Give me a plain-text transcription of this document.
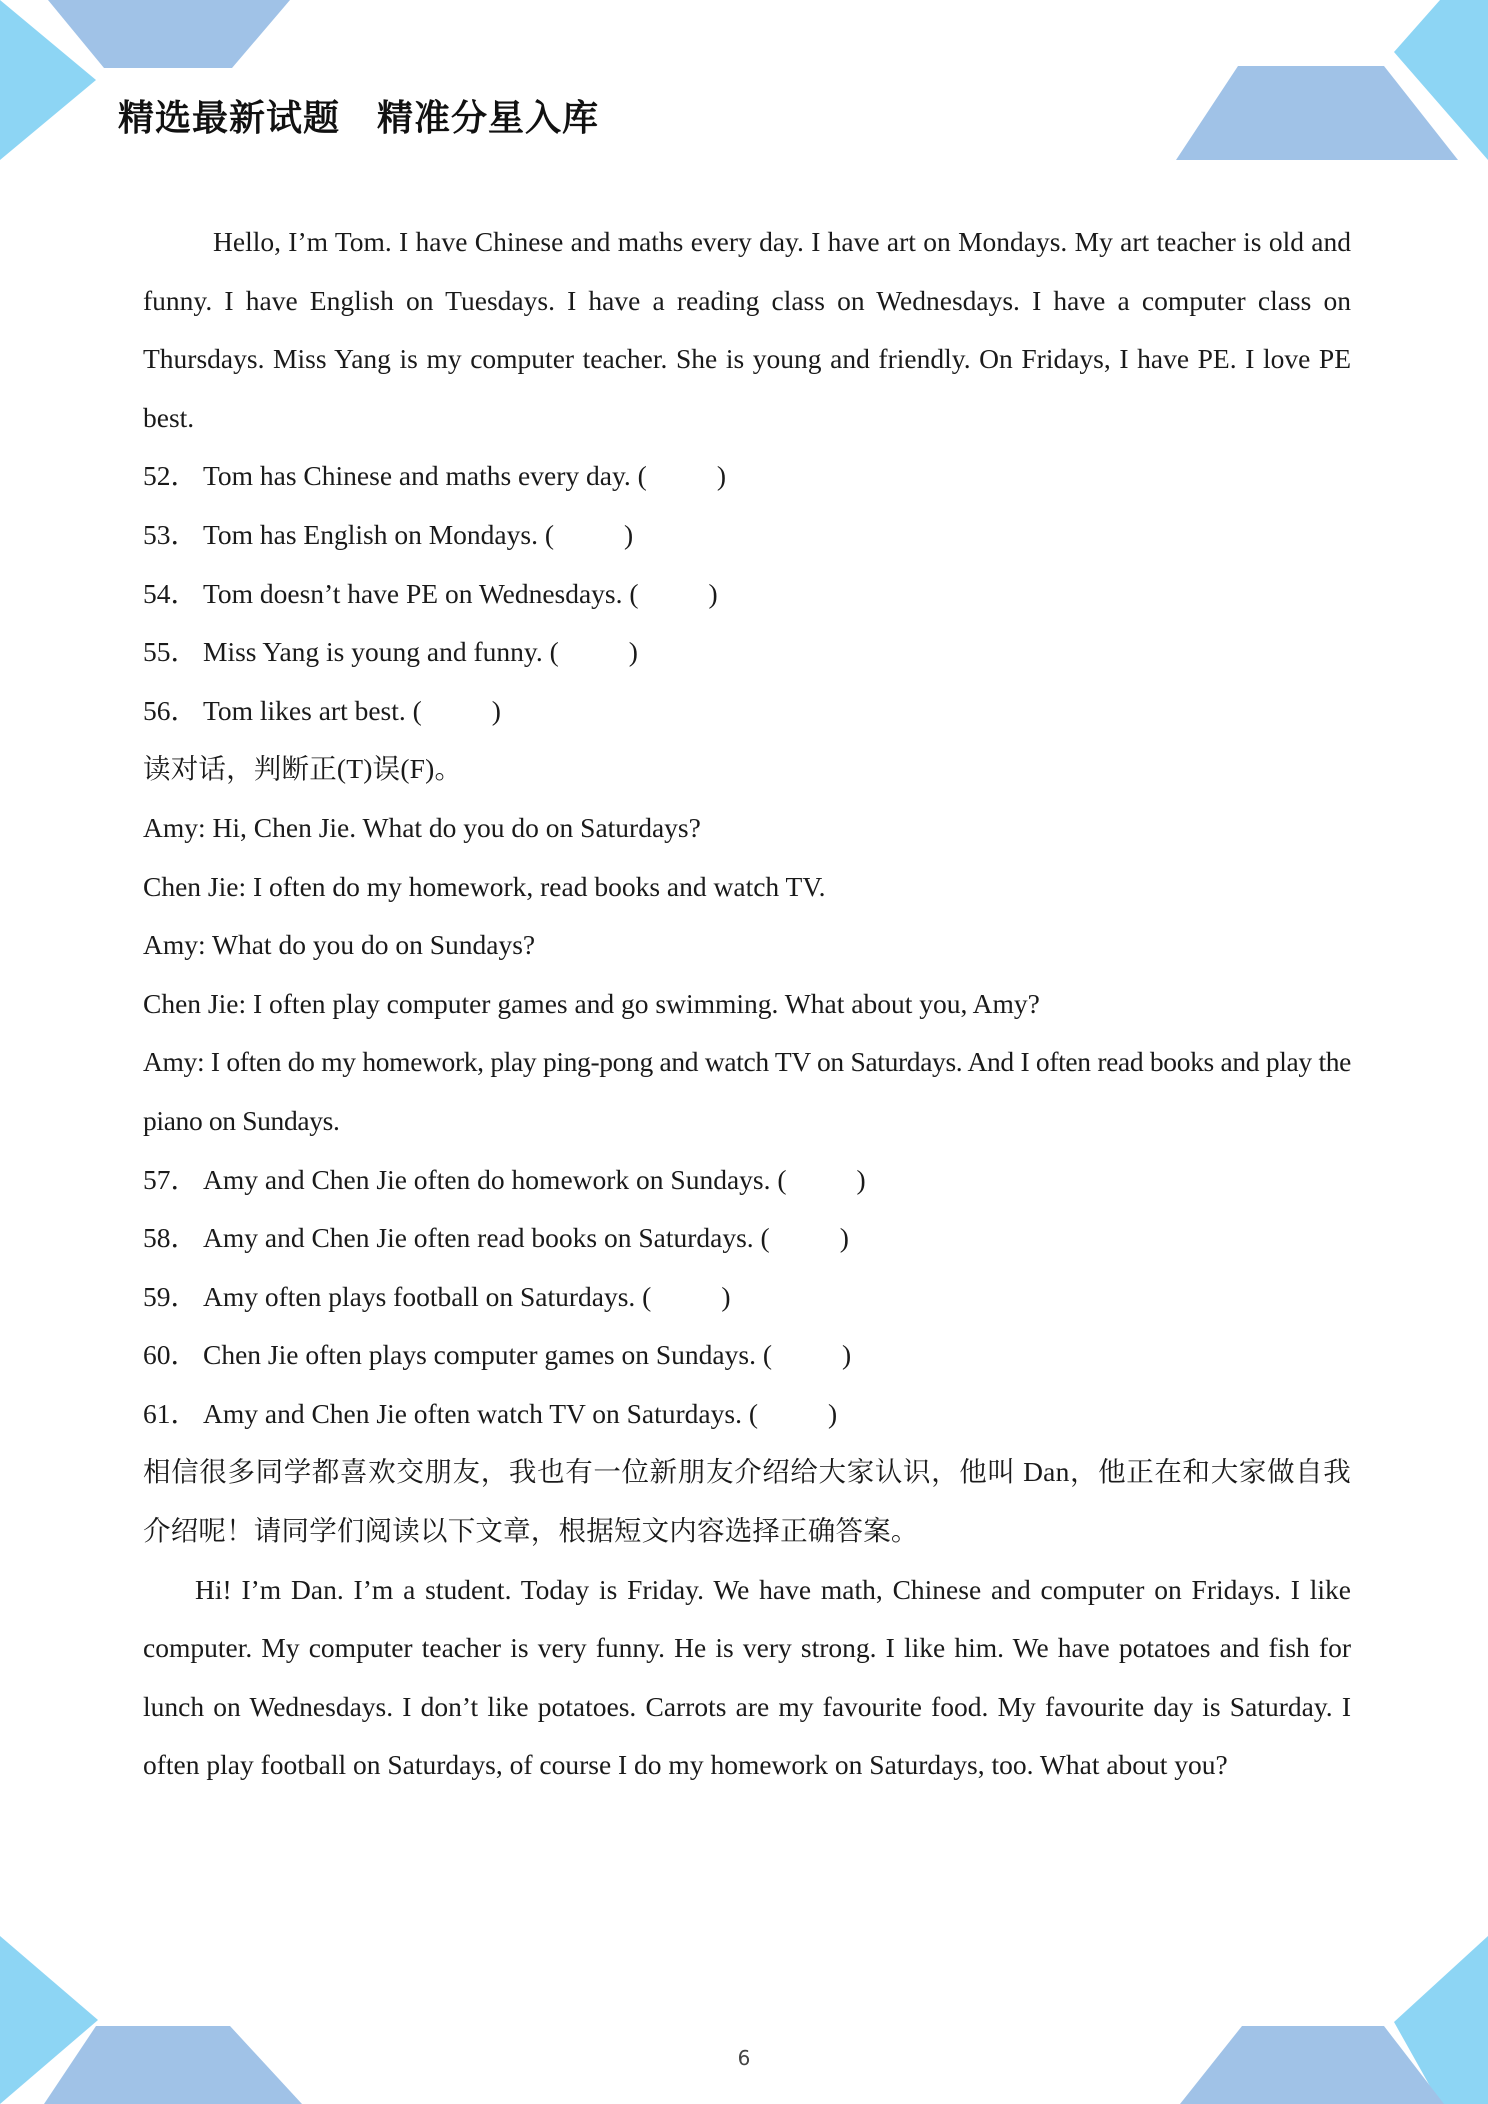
精选最新试题　精准分星入库
Hello, I’m Tom. I have Chinese and maths every day. I have art on Mondays. My art teacher is old and funny. I have English on Tuesdays. I have a reading class on Wednesdays. I have a computer class on Thursdays. Miss Yang is my computer teacher. She is young and friendly. On Fridays, I have PE. I love PE best.
52． Tom has Chinese and maths every day. (	)
53． Tom has English on Mondays. (	)
54． Tom doesn’t have PE on Wednesdays. (	)
55． Miss Yang is young and funny. (	)
56． Tom likes art best. (	)
读对话，判断正(T)误(F)。
Amy: Hi, Chen Jie. What do you do on Saturdays?
Chen Jie: I often do my homework, read books and watch TV.
Amy: What do you do on Sundays?
Chen Jie: I often play computer games and go swimming. What about you, Amy?
Amy: I often do my homework, play ping-pong and watch TV on Saturdays. And I often read books and play the piano on Sundays.
57． Amy and Chen Jie often do homework on Sundays. (	)
58． Amy and Chen Jie often read books on Saturdays. (	)
59． Amy often plays football on Saturdays. (	)
60． Chen Jie often plays computer games on Sundays. (	)
61． Amy and Chen Jie often watch TV on Saturdays. (	)
相信很多同学都喜欢交朋友，我也有一位新朋友介绍给大家认识，他叫 Dan，他正在和大家做自我介绍呢！请同学们阅读以下文章，根据短文内容选择正确答案。
Hi! I’m Dan. I’m a student. Today is Friday. We have math, Chinese and computer on Fridays. I like computer. My computer teacher is very funny. He is very strong. I like him. We have potatoes and fish for lunch on Wednesdays. I don’t like potatoes. Carrots are my favourite food. My favourite day is Saturday. I often play football on Saturdays, of course I do my homework on Saturdays, too. What about you?
6
